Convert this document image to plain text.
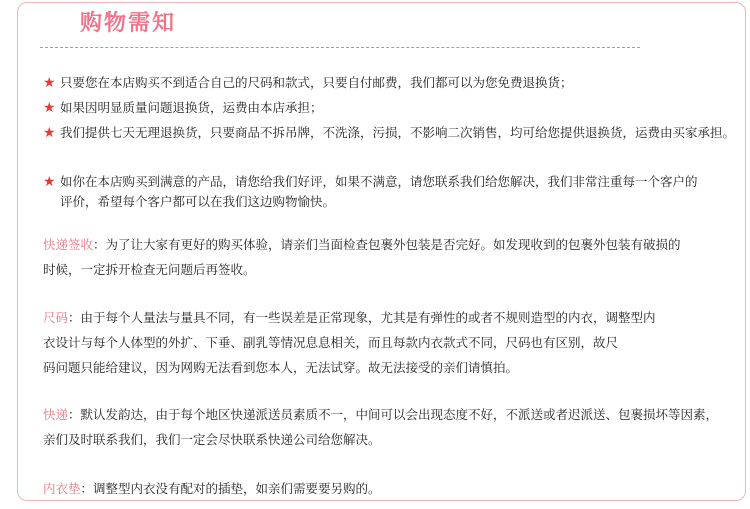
购物需知
★ 只要您在本店购买不到适合自己的尺码和款式，只要自付邮费，我们都可以为您免费退换货；
★ 如果因明显质量问题退换货，运费由本店承担；
★ 我们提供七天无理退换货，只要商品不拆吊牌，不洗涤，污损，不影响二次销售，均可给您提供退换货，运费由买家承担。
★ 如你在本店购买到满意的产品，请您给我们好评，如果不满意，请您联系我们给您解决，我们非常注重每一个客户的
评价，希望每个客户都可以在我们这边购物愉快。
快递签收：为了让大家有更好的购买体验，请亲们当面检查包裹外包装是否完好。如发现收到的包裹外包装有破损的
时候，一定拆开检查无问题后再签收。
尺码：由于每个人量法与量具不同，有一些误差是正常现象，尤其是有弹性的或者不规则造型的内衣，调整型内
衣设计与每个人体型的外扩、下垂、副乳等情况息息相关，而且每款内衣款式不同，尺码也有区别，故尺
码问题只能给建议，因为网购无法看到您本人，无法试穿。故无法接受的亲们请慎拍。
快递：默认发韵达，由于每个地区快递派送员素质不一，中间可以会出现态度不好，不派送或者迟派送、包裹损坏等因素，
亲们及时联系我们，我们一定会尽快联系快递公司给您解决。
内衣垫：调整型内衣没有配对的插垫，如亲们需要要另购的。
